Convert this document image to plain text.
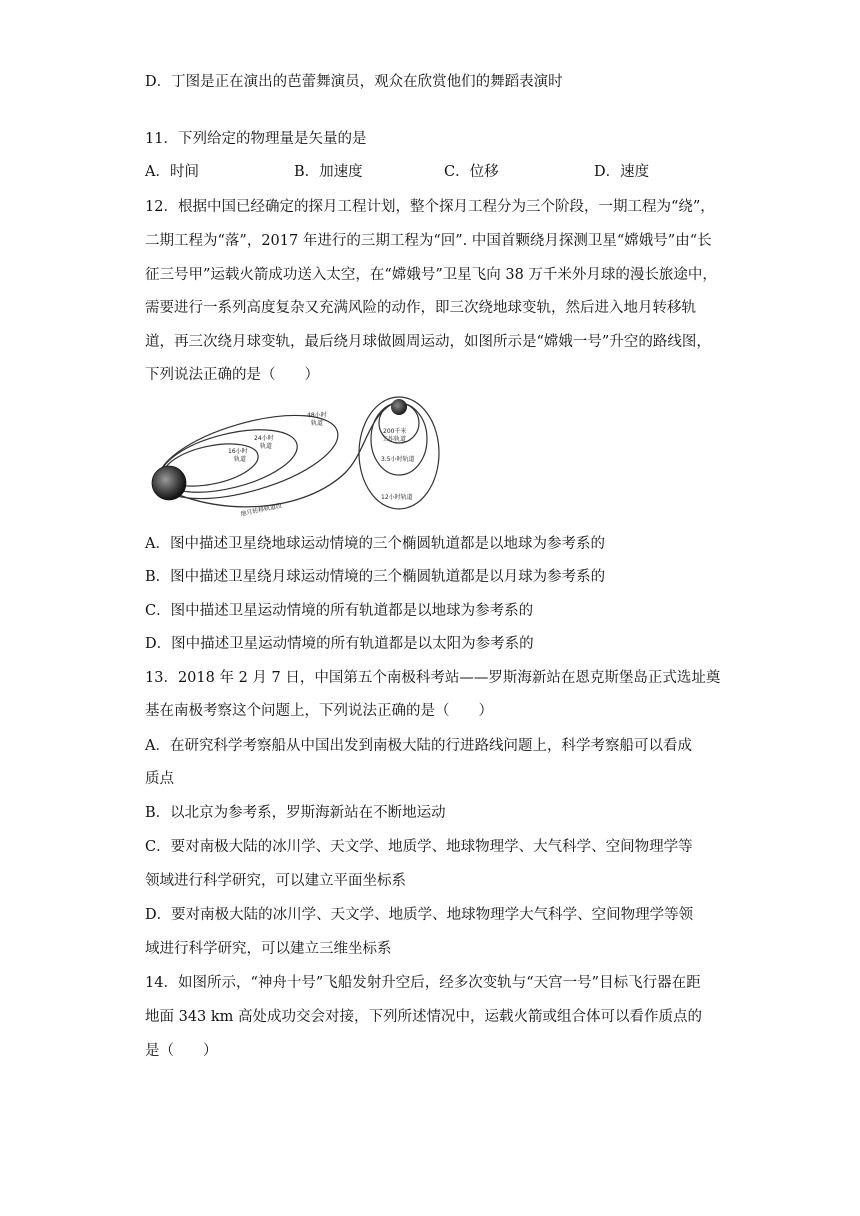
D．丁图是正在演出的芭蕾舞演员，观众在欣赏他们的舞蹈表演时
11．下列给定的物理量是矢量的是
A．时间	B．加速度	C．位移	D．速度
12．根据中国已经确定的探月工程计划，整个探月工程分为三个阶段，一期工程为“绕”，
二期工程为“落”，2017 年进行的三期工程为“回”. 中国首颗绕月探测卫星“嫦娥号”由“长
征三号甲”运载火箭成功送入太空，在“嫦娥号”卫星飞向 38 万千米外月球的漫长旅途中，
需要进行一系列高度复杂又充满风险的动作，即三次绕地球变轨，然后进入地月转移轨
道，再三次绕月球变轨，最后绕月球做圆周运动，如图所示是“嫦娥一号”升空的路线图，
下列说法正确的是（　　）
16小时
轨道
24小时
轨道
48小时
轨道
200千米
工作轨道
3.5小时轨道
12小时轨道
地月转移轨道段
A．图中描述卫星绕地球运动情境的三个椭圆轨道都是以地球为参考系的
B．图中描述卫星绕月球运动情境的三个椭圆轨道都是以月球为参考系的
C．图中描述卫星运动情境的所有轨道都是以地球为参考系的
D．图中描述卫星运动情境的所有轨道都是以太阳为参考系的
13．2018 年 2 月 7 日，中国第五个南极科考站——罗斯海新站在恩克斯堡岛正式选址奠
基在南极考察这个问题上，下列说法正确的是（　　）
A．在研究科学考察船从中国出发到南极大陆的行进路线问题上，科学考察船可以看成
质点
B．以北京为参考系，罗斯海新站在不断地运动
C．要对南极大陆的冰川学、天文学、地质学、地球物理学、大气科学、空间物理学等
领域进行科学研究，可以建立平面坐标系
D．要对南极大陆的冰川学、天文学、地质学、地球物理学大气科学、空间物理学等领
域进行科学研究，可以建立三维坐标系
14．如图所示，“神舟十号”飞船发射升空后，经多次变轨与“天宫一号”目标飞行器在距
地面 343 km 高处成功交会对接，下列所述情况中，运载火箭或组合体可以看作质点的
是（　　）
